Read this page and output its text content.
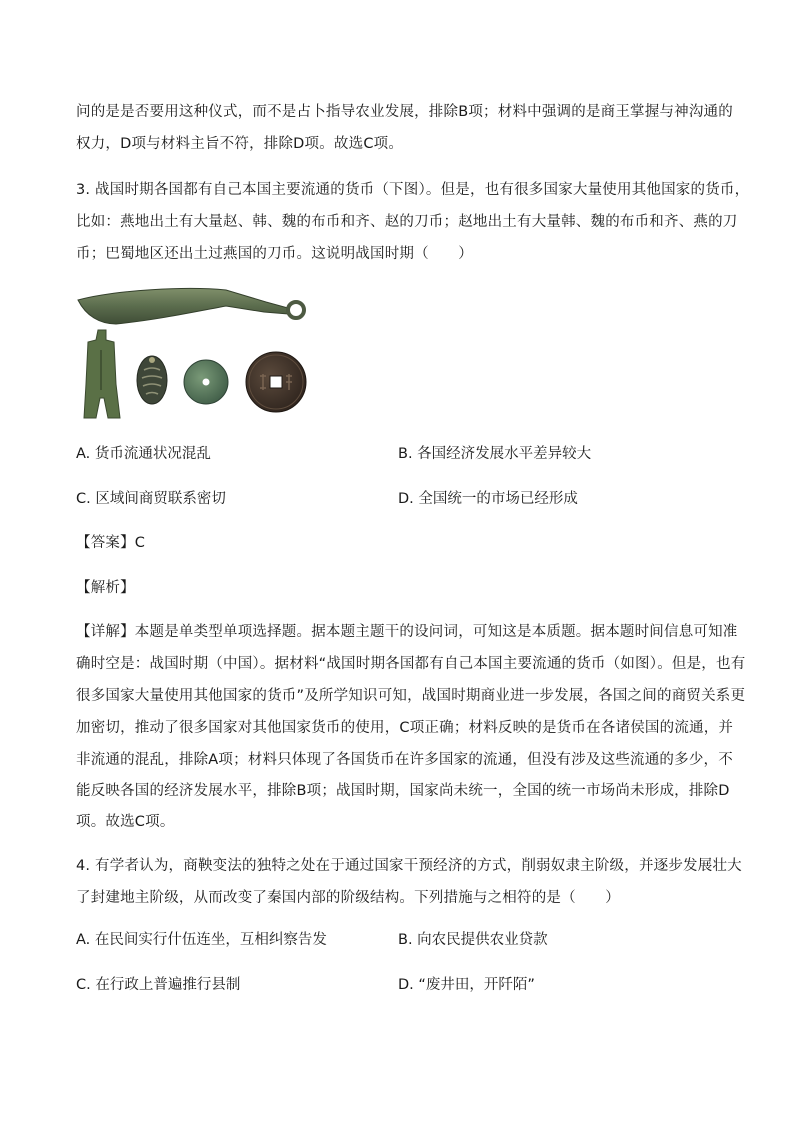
问的是是否要用这种仪式，而不是占卜指导农业发展，排除B项；材料中强调的是商王掌握与神沟通的
权力，D项与材料主旨不符，排除D项。故选C项。
3. 战国时期各国都有自己本国主要流通的货币（下图）。但是，也有很多国家大量使用其他国家的货币，
比如：燕地出土有大量赵、韩、魏的布币和齐、赵的刀币；赵地出土有大量韩、魏的布币和齐、燕的刀
币；巴蜀地区还出土过燕国的刀币。这说明战国时期（　　）
A. 货币流通状况混乱	B. 各国经济发展水平差异较大
C. 区域间商贸联系密切	D. 全国统一的市场已经形成
【答案】C
【解析】
【详解】本题是单类型单项选择题。据本题主题干的设问词，可知这是本质题。据本题时间信息可知准
确时空是：战国时期（中国）。据材料“战国时期各国都有自己本国主要流通的货币（如图）。但是，也有
很多国家大量使用其他国家的货币”及所学知识可知，战国时期商业进一步发展，各国之间的商贸关系更
加密切，推动了很多国家对其他国家货币的使用，C项正确；材料反映的是货币在各诸侯国的流通，并
非流通的混乱，排除A项；材料只体现了各国货币在许多国家的流通，但没有涉及这些流通的多少，不
能反映各国的经济发展水平，排除B项；战国时期，国家尚未统一，全国的统一市场尚未形成，排除D
项。故选C项。
4. 有学者认为，商鞅变法的独特之处在于通过国家干预经济的方式，削弱奴隶主阶级，并逐步发展壮大
了封建地主阶级，从而改变了秦国内部的阶级结构。下列措施与之相符的是（　　）
A. 在民间实行什伍连坐，互相纠察告发	B. 向农民提供农业贷款
C. 在行政上普遍推行县制	D. “废井田，开阡陌”
